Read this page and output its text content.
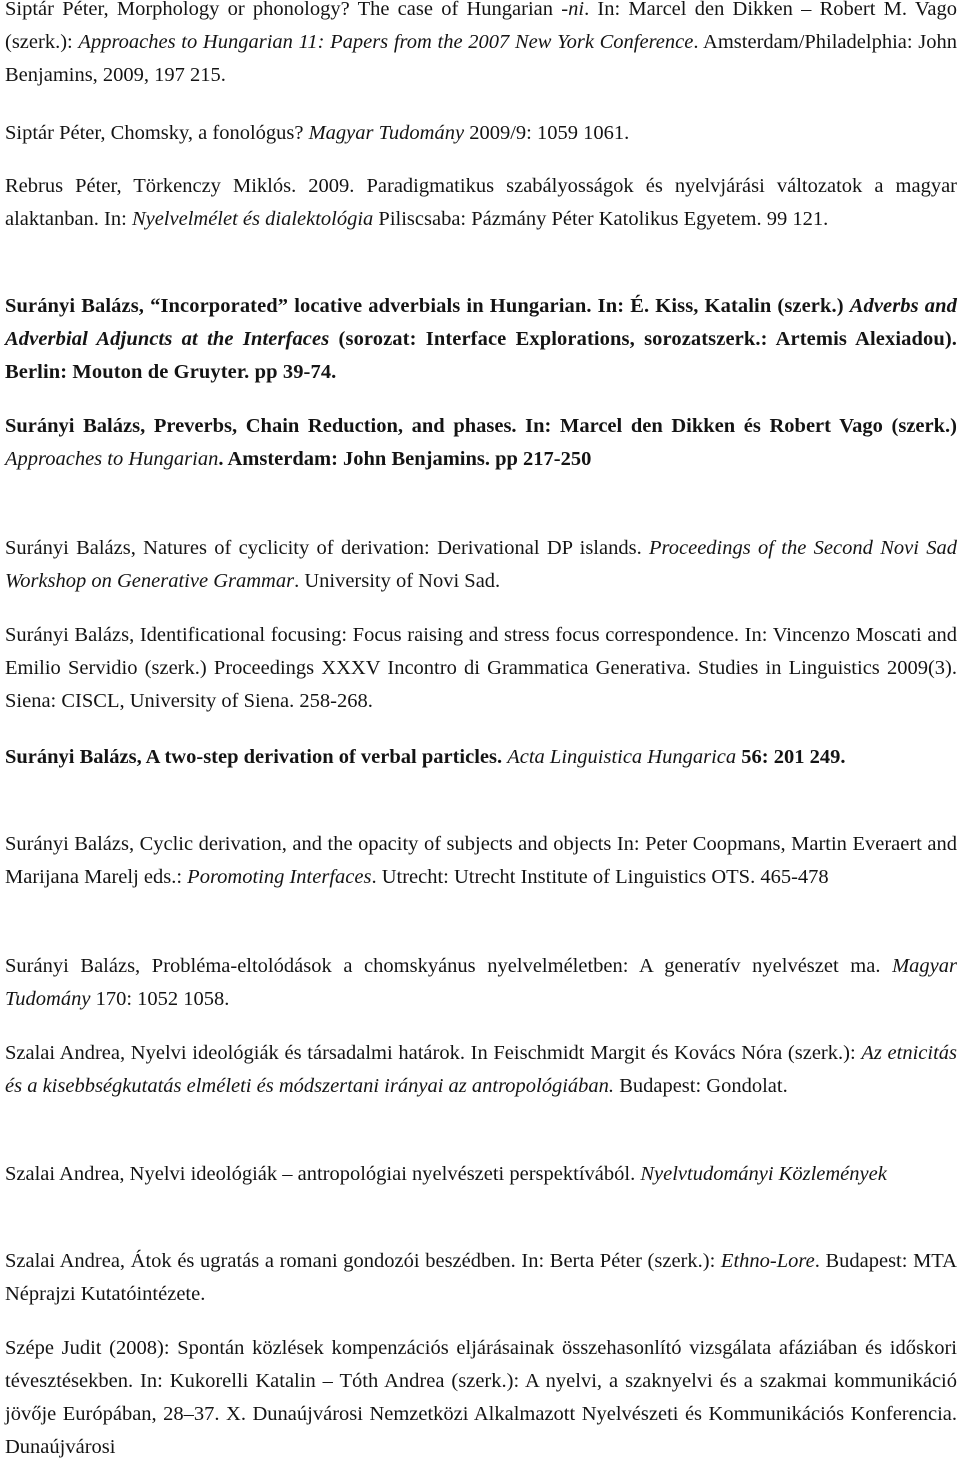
Siptár Péter, Morphology or phonology? The case of Hungarian -ni. In: Marcel den Dikken – Robert M. Vago (szerk.): Approaches to Hungarian 11: Papers from the 2007 New York Conference. Amsterdam/Philadelphia: John Benjamins, 2009, 197 215.
Siptár Péter, Chomsky, a fonológus? Magyar Tudomány 2009/9: 1059 1061.
Rebrus Péter, Törkenczy Miklós. 2009. Paradigmatikus szabályosságok és nyelvjárási változatok a magyar alaktanban. In: Nyelvelmélet és dialektológia Piliscsaba: Pázmány Péter Katolikus Egyetem. 99 121.
Surányi Balázs, “Incorporated” locative adverbials in Hungarian. In: É. Kiss, Katalin (szerk.) Adverbs and Adverbial Adjuncts at the Interfaces (sorozat: Interface Explorations, sorozatszerk.: Artemis Alexiadou). Berlin: Mouton de Gruyter. pp 39-74.
Surányi Balázs, Preverbs, Chain Reduction, and phases. In: Marcel den Dikken és Robert Vago (szerk.) Approaches to Hungarian. Amsterdam: John Benjamins. pp 217-250
Surányi Balázs, Natures of cyclicity of derivation: Derivational DP islands. Proceedings of the Second Novi Sad Workshop on Generative Grammar. University of Novi Sad.
Surányi Balázs, Identificational focusing: Focus raising and stress focus correspondence. In: Vincenzo Moscati and Emilio Servidio (szerk.) Proceedings XXXV Incontro di Grammatica Generativa. Studies in Linguistics 2009(3). Siena: CISCL, University of Siena. 258-268.
Surányi Balázs, A two-step derivation of verbal particles. Acta Linguistica Hungarica 56: 201 249.
Surányi Balázs, Cyclic derivation, and the opacity of subjects and objects In: Peter Coopmans, Martin Everaert and Marijana Marelj eds.: Poromoting Interfaces. Utrecht: Utrecht Institute of Linguistics OTS. 465-478
Surányi Balázs, Probléma-eltolódások a chomskyánus nyelvelméletben: A generatív nyelvészet ma. Magyar Tudomány 170: 1052 1058.
Szalai Andrea, Nyelvi ideológiák és társadalmi határok. In Feischmidt Margit és Kovács Nóra (szerk.): Az etnicitás és a kisebbségkutatás elméleti és módszertani irányai az antropológiában. Budapest: Gondolat.
Szalai Andrea, Nyelvi ideológiák – antropológiai nyelvészeti perspektívából. Nyelvtudományi Közlemények
Szalai Andrea, Átok és ugratás a romani gondozói beszédben. In: Berta Péter (szerk.): Ethno-Lore. Budapest: MTA Néprajzi Kutatóintézete.
Szépe Judit (2008): Spontán közlések kompenzációs eljárásainak összehasonlító vizsgálata afáziában és időskori tévesztésekben. In: Kukorelli Katalin – Tóth Andrea (szerk.): A nyelvi, a szaknyelvi és a szakmai kommunikáció jövője Európában, 28–37. X. Dunaújvárosi Nemzetközi Alkalmazott Nyelvészeti és Kommunikációs Konferencia. Dunaújvárosi
